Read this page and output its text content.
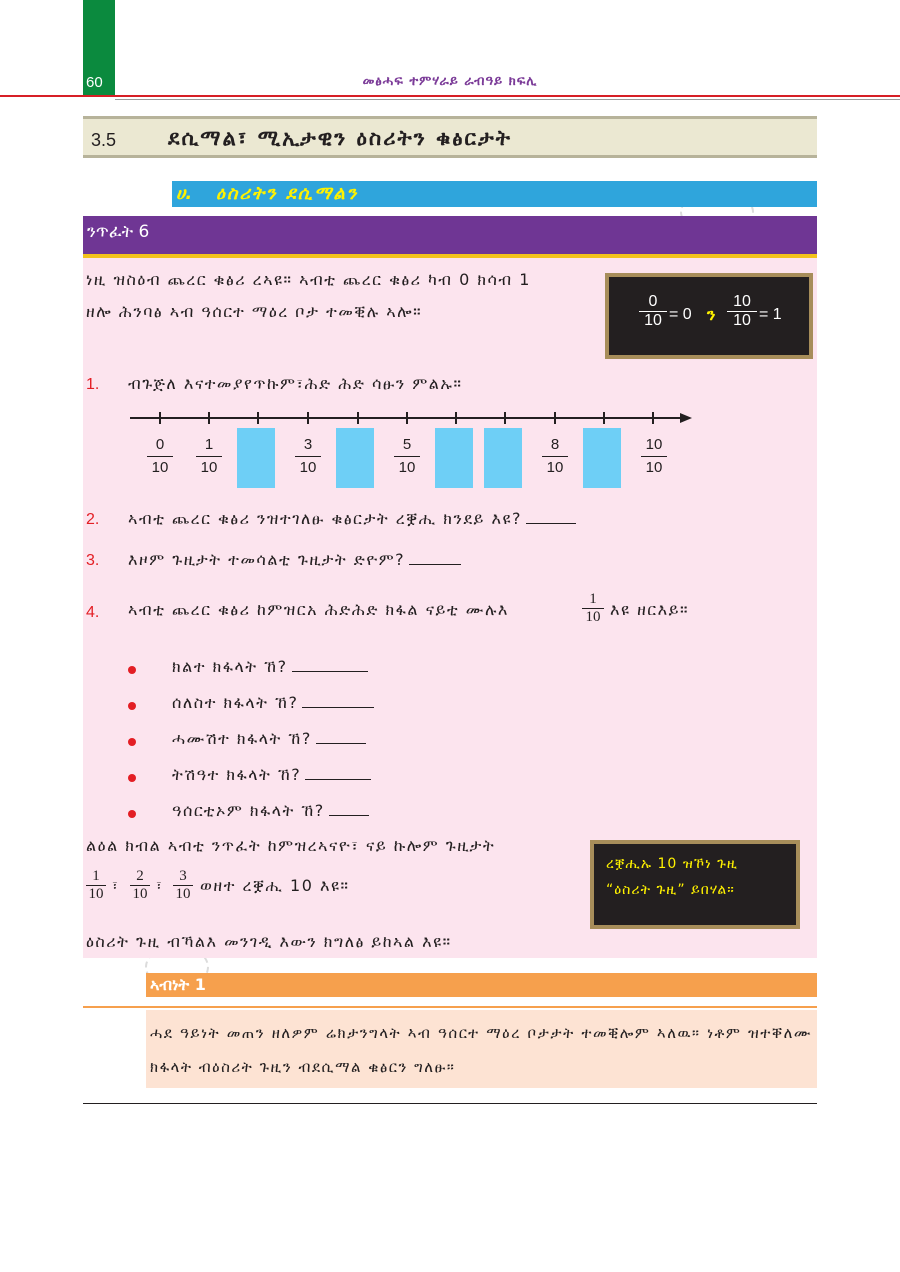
60	መፅሓፍ ተምሃራይ ራብዓይ ክፍሊ
3.5 ደሲማል፣ ሚኢታዊን ዕስሪትን ቁፅርታት
ሀ. ዕስሪትን ደሲማልን
ንጥፈት 6
ነዚ ዝስዕብ ጨረር ቁፅሪ ረኣዩ። ኣብቲ ጨረር ቁፅሪ ካብ 0 ክሳብ 1 ዘሎ ሕንባፅ ኣብ ዓሰርተ ማዕረ ቦታ ተመቒሉ ኣሎ።
0
10 = 0 ን
10
10 = 1
1. ብጉጅለ እናተመያየጥኩም፣ሕድ ሕድ ሳፁን ምልኡ።
0
10
1
10
3
10
5
10
8
10
10
10
2. ኣብቲ ጨረር ቁፅሪ ንዝተገለፁ ቁፅርታት ረቛሒ ክንደይ እዩ?
3. እዞም ጉዚታት ተመሳልቲ ጉዚታት ድዮም?
4. ኣብቲ ጨረር ቁፅሪ ከምዝርአ ሕድሕድ ክፋል ናይቲ ሙሉእ
1
10 እዩ ዘርእይ።
ክልተ ክፋላት ኸ?
ሰለስተ ክፋላት ኸ?
ሓሙሽተ ክፋላት ኸ?
ትሽዓተ ክፋላት ኸ?
ዓሰርቲኦም ክፋላት ኸ?
ልዕል ክብል ኣብቲ ንጥፈት ከምዝረኣናዮ፣ ናይ ኩሎም ጉዚታት
1
10 ፣
2
10 ፣
3
10 ወዘተ ረቛሒ 10 እዩ።
ዕስሪት ጉዚ ብኻልእ መንገዲ እውን ክግለፅ ይከኣል እዩ።
ረቛሒኡ 10 ዝኾነ ጉዚ
“ዕስሪት ጉዚ” ይበሃል።
ኣብነት 1
ሓደ ዓይነት መጠን ዘለዎም ሬክታንግላት ኣብ ዓሰርተ ማዕረ ቦታታት ተመቒሎም ኣለዉ። ነቶም ዝተቐለሙ ክፋላት ብዕስሪት ጉዚን ብደሲማል ቁፅርን ግለፁ።
